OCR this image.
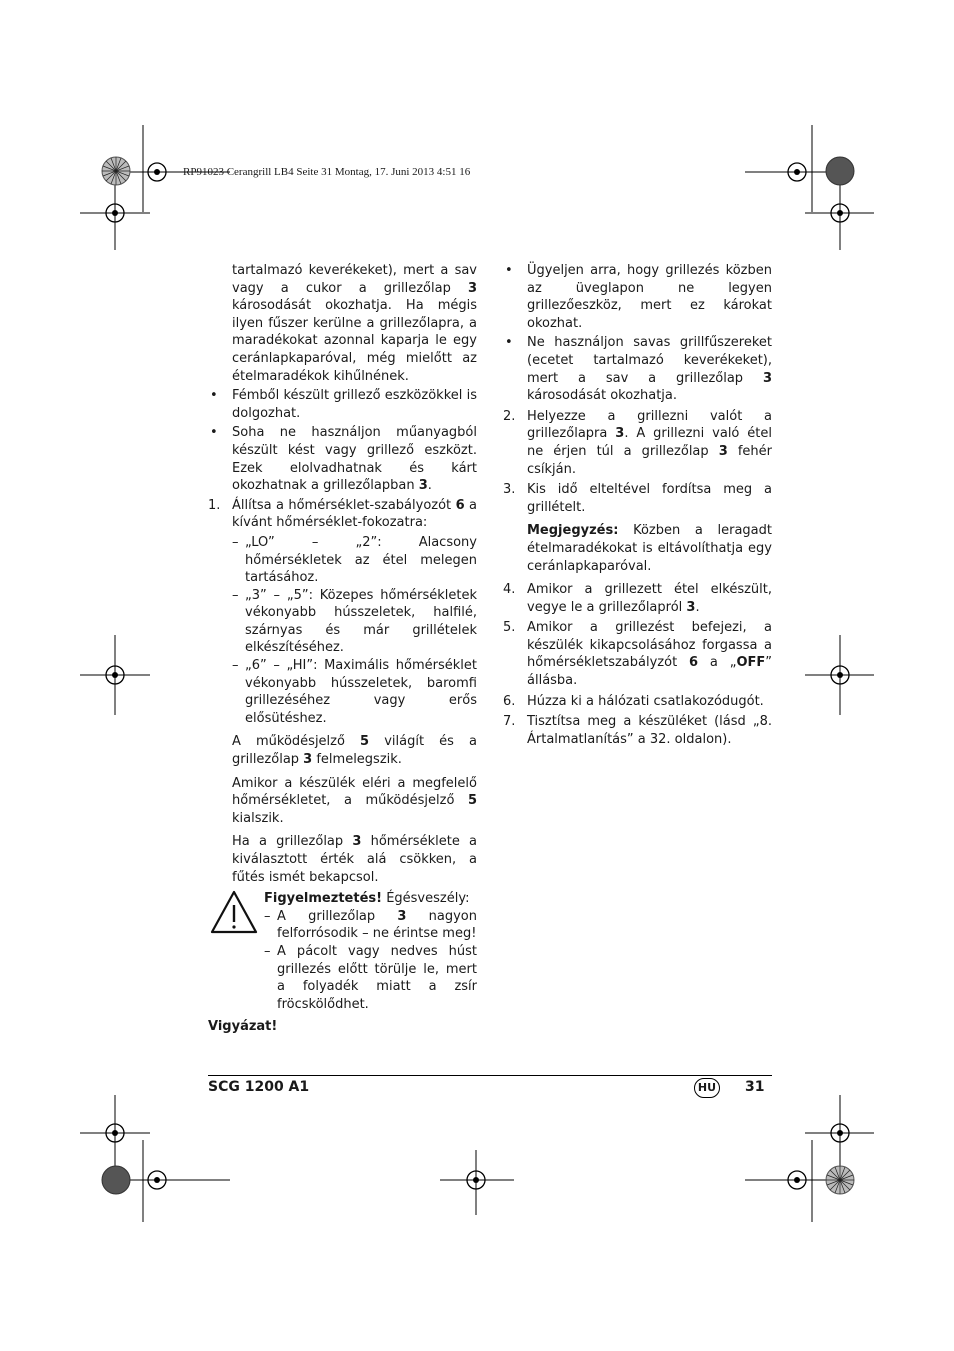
RP91023 Cerangrill LB4 Seite 31 Montag, 17. Juni 2013 4:51 16

tartalmazó keverékeket), mert a sav vagy a cukor a grillezőlap 3 károsodását okozhatja. Ha mégis ilyen fűszer kerülne a grillezőlapra, a maradékokat azonnal kaparja le egy ceránlapkaparóval, még mielőtt az ételmaradékok kihűlnének.

• Fémből készült grillező eszközökkel is dolgozhat.
• Soha ne használjon műanyagból készült kést vagy grillező eszközt. Ezek elolvadhatnak és kárt okozhatnak a grillezőlapban 3.
1. Állítsa a hőmérséklet-szabályozót 6 a kívánt hőmérséklet-fokozatra:
– „LO” – „2”: Alacsony hőmérsékletek az étel melegen tartásához.
– „3” – „5”: Közepes hőmérsékletek vékonyabb hússzeletek, halfilé, szárnyas és már grillételek elkészítéséhez.
– „6” – „HI”: Maximális hőmérséklet vékonyabb hússzeletek, baromfi grillezéséhez vagy erős elősütéshez.

A működésjelző 5 világít és a grillezőlap 3 felmelegszik.

Amikor a készülék eléri a megfelelő hőmérsékletet, a működésjelző 5 kialszik.

Ha a grillezőlap 3 hőmérséklete a kiválasztott érték alá csökken, a fűtés ismét bekapcsol.

Figyelmeztetés! Égésveszély:
– A grillezőlap 3 nagyon felforrósodik – ne érintse meg!
– A pácolt vagy nedves húst grillezés előtt törülje le, mert a folyadék miatt a zsír fröcskölődhet.
Vigyázat!
• Ügyeljen arra, hogy grillezés közben az üveglapon ne legyen grillezőeszköz, mert ez károkat okozhat.
• Ne használjon savas grillfűszereket (ecetet tartalmazó keverékeket), mert a sav a grillezőlap 3 károsodását okozhatja.
2. Helyezze a grillezni valót a grillezőlapra 3. A grillezni való étel ne érjen túl a grillezőlap 3 fehér csíkján.
3. Kis idő elteltével fordítsa meg a grillételt.

Megjegyzés: Közben a leragadt ételmaradékokat is eltávolíthatja egy ceránlapkaparóval.

4. Amikor a grillezett étel elkészült, vegye le a grillezőlapról 3.
5. Amikor a grillezést befejezi, a készülék kikapcsolásához forgassa a hőmérsékletszabályzót 6 a „OFF” állásba.
6. Húzza ki a hálózati csatlakozódugót.
7. Tisztítsa meg a készüléket (lásd „8. Ártalmatlanítás” a 32. oldalon).
SCG 1200 A1	HU 31
